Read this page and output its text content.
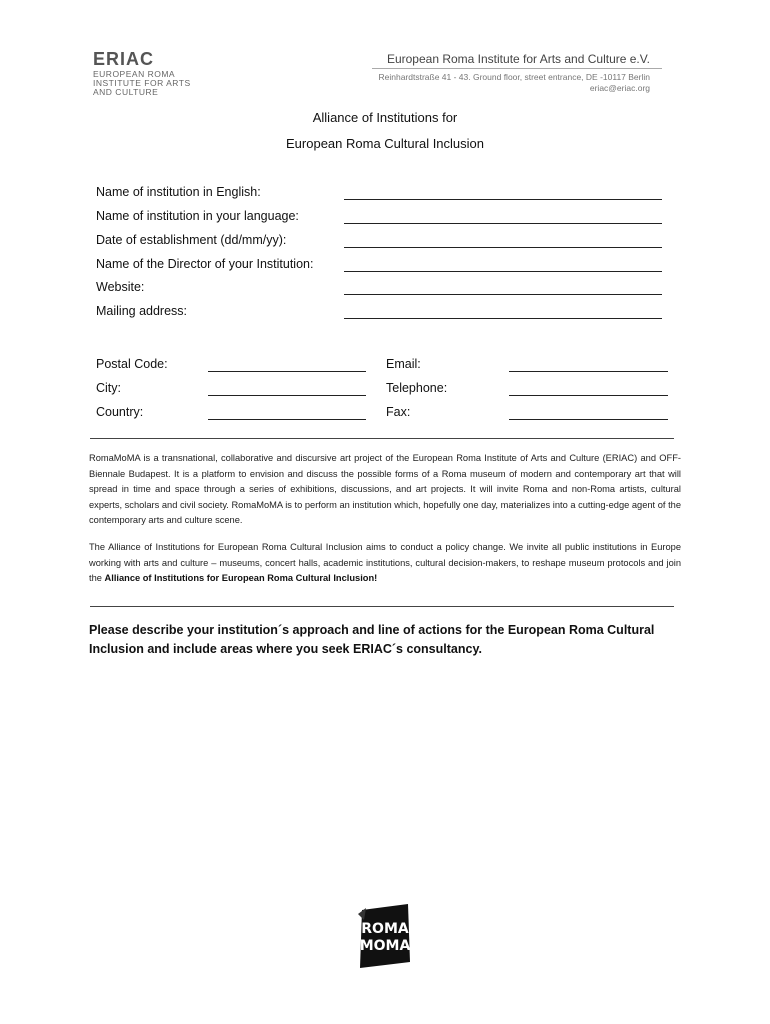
ERIAC
EUROPEAN ROMA
INSTITUTE FOR ARTS
AND CULTURE
European Roma Institute for Arts and Culture e.V.
Reinhardtstraße 41 - 43. Ground floor, street entrance, DE -10117 Berlin
eriac@eriac.org
Alliance of Institutions for
European Roma Cultural Inclusion
Name of institution in English:
Name of institution in your language:
Date of establishment (dd/mm/yy):
Name of the Director of your Institution:
Website:
Mailing address:
Postal Code:	Email:
City:	Telephone:
Country:	Fax:
RomaMoMA is a transnational, collaborative and discursive art project of the European Roma Institute of Arts and Culture (ERIAC) and OFF-Biennale Budapest. It is a platform to envision and discuss the possible forms of a Roma museum of modern and contemporary art that will spread in time and space through a series of exhibitions, discussions, and art projects. It will invite Roma and non-Roma artists, cultural experts, scholars and civil society. RomaMoMA is to perform an institution which, hopefully one day, materializes into a cutting-edge agent of the contemporary arts and culture scene.
The Alliance of Institutions for European Roma Cultural Inclusion aims to conduct a policy change. We invite all public institutions in Europe working with arts and culture – museums, concert halls, academic institutions, cultural decision-makers, to reshape museum protocols and join the Alliance of Institutions for European Roma Cultural Inclusion!
Please describe your institution´s approach and line of actions for the European Roma Cultural Inclusion and include areas where you seek ERIAC´s consultancy.
ROMA
MOMA
